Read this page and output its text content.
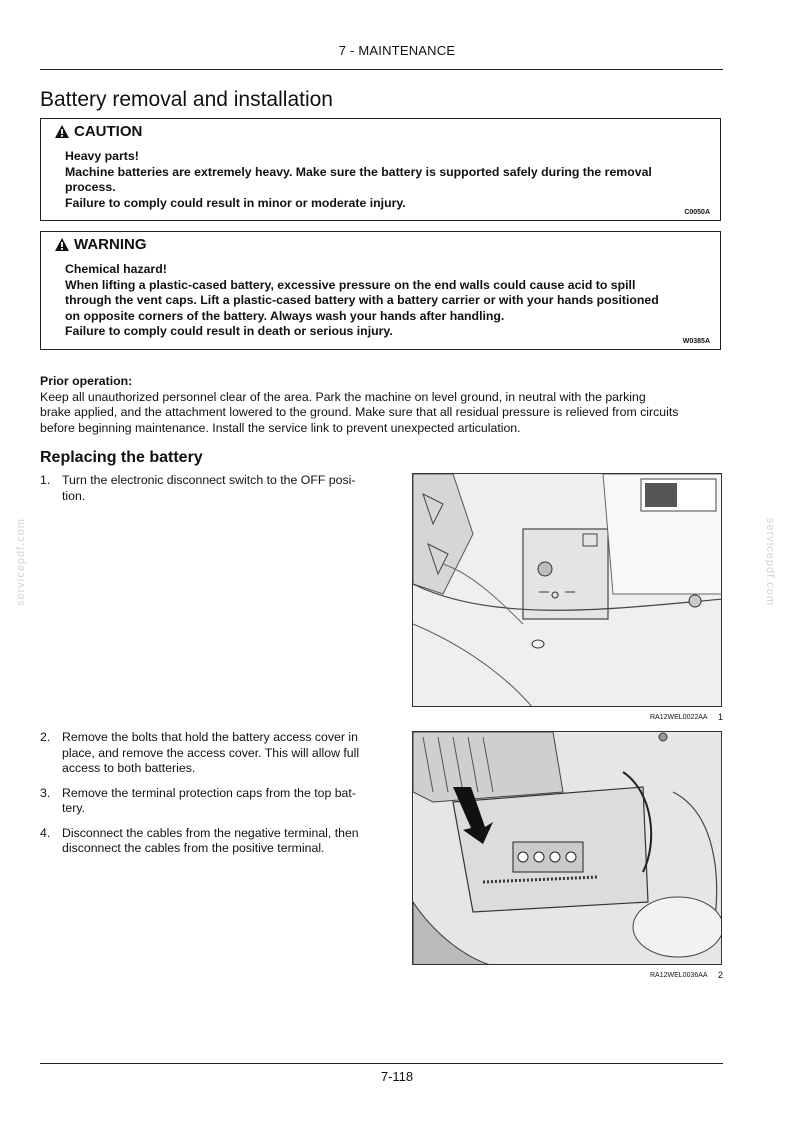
7 - MAINTENANCE
Battery removal and installation
CAUTION
Heavy parts!
Machine batteries are extremely heavy. Make sure the battery is supported safely during the removal
process.
Failure to comply could result in minor or moderate injury.
C0050A
WARNING
Chemical hazard!
When lifting a plastic-cased battery, excessive pressure on the end walls could cause acid to spill
through the vent caps. Lift a plastic-cased battery with a battery carrier or with your hands positioned
on opposite corners of the battery. Always wash your hands after handling.
Failure to comply could result in death or serious injury.
W0385A
Prior operation:
Keep all unauthorized personnel clear of the area. Park the machine on level ground, in neutral with the parking
brake applied, and the attachment lowered to the ground. Make sure that all residual pressure is relieved from circuits
before beginning maintenance. Install the service link to prevent unexpected articulation.
Replacing the battery
1. Turn the electronic disconnect switch to the OFF posi-
tion.
2. Remove the bolts that hold the battery access cover in
place, and remove the access cover. This will allow full
access to both batteries.
3. Remove the terminal protection caps from the top bat-
tery.
4. Disconnect the cables from the negative terminal, then
disconnect the cables from the positive terminal.
RA12WEL0022AA 1
RA12WEL0036AA 2
servicepdf.com	servicepdf.com
7-118
